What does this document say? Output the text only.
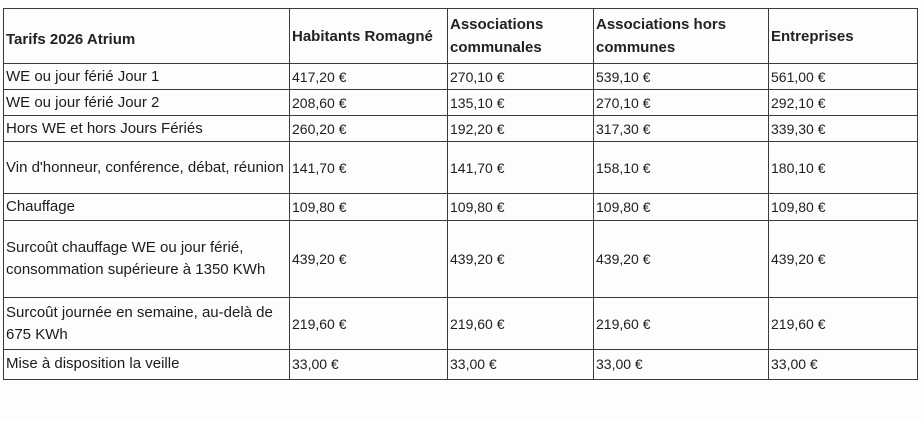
Tarifs 2026 Atrium	Habitants Romagné	Associations communales	Associations hors communes	Entreprises
WE ou jour férié Jour 1	417,20 €	270,10 €	539,10 €	561,00 €
WE ou jour férié Jour 2	208,60 €	135,10 €	270,10 €	292,10 €
Hors WE et hors Jours Fériés	260,20 €	192,20 €	317,30 €	339,30 €
Vin d'honneur, conférence, débat, réunion	141,70 €	141,70 €	158,10 €	180,10 €
Chauffage	109,80 €	109,80 €	109,80 €	109,80 €
Surcoût chauffage WE ou jour férié, consommation supérieure à 1350 KWh	439,20 €	439,20 €	439,20 €	439,20 €
Surcoût journée en semaine, au-delà de 675 KWh	219,60 €	219,60 €	219,60 €	219,60 €
Mise à disposition la veille	33,00 €	33,00 €	33,00 €	33,00 €
